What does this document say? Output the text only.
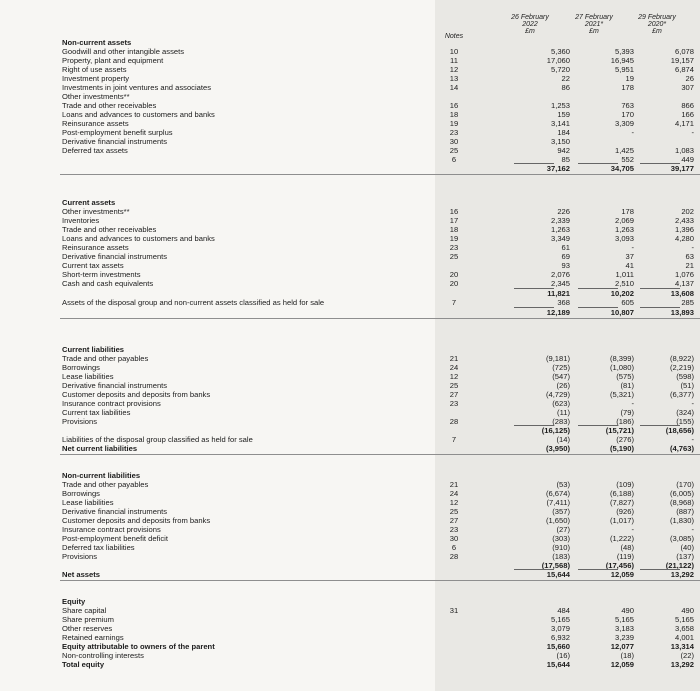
Notes
26 February
2022
£m
27 February
2021*
£m
29 February
2020*
£m
Non-current assets
Goodwill and other intangible assets	10	5,360	5,393	6,078
Property, plant and equipment	11	17,060	16,945	19,157
Right of use assets	12	5,720	5,951	6,874
Investment property	13	22	19	26
Investments in joint ventures and associates	14	86	178	307
Other investments**
Trade and other receivables	16	1,253	763	866
Loans and advances to customers and banks	18	159	170	166
Reinsurance assets	19	3,141	3,309	4,171
Post-employment benefit surplus	23	184	-	-
Derivative financial instruments	30	3,150
Deferred tax assets	25	942	1,425	1,083
6	85	552	449
37,162	34,705	39,177
Current assets
Other investments**	16	226	178	202
Inventories	17	2,339	2,069	2,433
Trade and other receivables	18	1,263	1,263	1,396
Loans and advances to customers and banks	19	3,349	3,093	4,280
Reinsurance assets	23	61	-	-
Derivative financial instruments	25	69	37	63
Current tax assets	93	41	21
Short-term investments	20	2,076	1,011	1,076
Cash and cash equivalents	20	2,345	2,510	4,137
11,821	10,202	13,608
Assets of the disposal group and non-current assets classified as held for sale	7	368	605	285
12,189	10,807	13,893
Current liabilities
Trade and other payables	21	(9,181)	(8,399)	(8,922)
Borrowings	24	(725)	(1,080)	(2,219)
Lease liabilities	12	(547)	(575)	(598)
Derivative financial instruments	25	(26)	(81)	(51)
Customer deposits and deposits from banks	27	(4,729)	(5,321)	(6,377)
Insurance contract provisions	23	(623)	-	-
Current tax liabilities	(11)	(79)	(324)
Provisions	28	(283)	(186)	(155)
(16,125)	(15,721)	(18,656)
Liabilities of the disposal group classified as held for sale	7	(14)	(276)	-
Net current liabilities	(3,950)	(5,190)	(4,763)
Non-current liabilities
Trade and other payables	21	(53)	(109)	(170)
Borrowings	24	(6,674)	(6,188)	(6,005)
Lease liabilities	12	(7,411)	(7,827)	(8,968)
Derivative financial instruments	25	(357)	(926)	(887)
Customer deposits and deposits from banks	27	(1,650)	(1,017)	(1,830)
Insurance contract provisions	23	(27)	-	-
Post-employment benefit deficit	30	(303)	(1,222)	(3,085)
Deferred tax liabilities	6	(910)	(48)	(40)
Provisions	28	(183)	(119)	(137)
(17,568)	(17,456)	(21,122)
Net assets	15,644	12,059	13,292
Equity
Share capital	31	484	490	490
Share premium	5,165	5,165	5,165
Other reserves	3,079	3,183	3,658
Retained earnings	6,932	3,239	4,001
Equity attributable to owners of the parent	15,660	12,077	13,314
Non-controlling interests	(16)	(18)	(22)
Total equity	15,644	12,059	13,292
